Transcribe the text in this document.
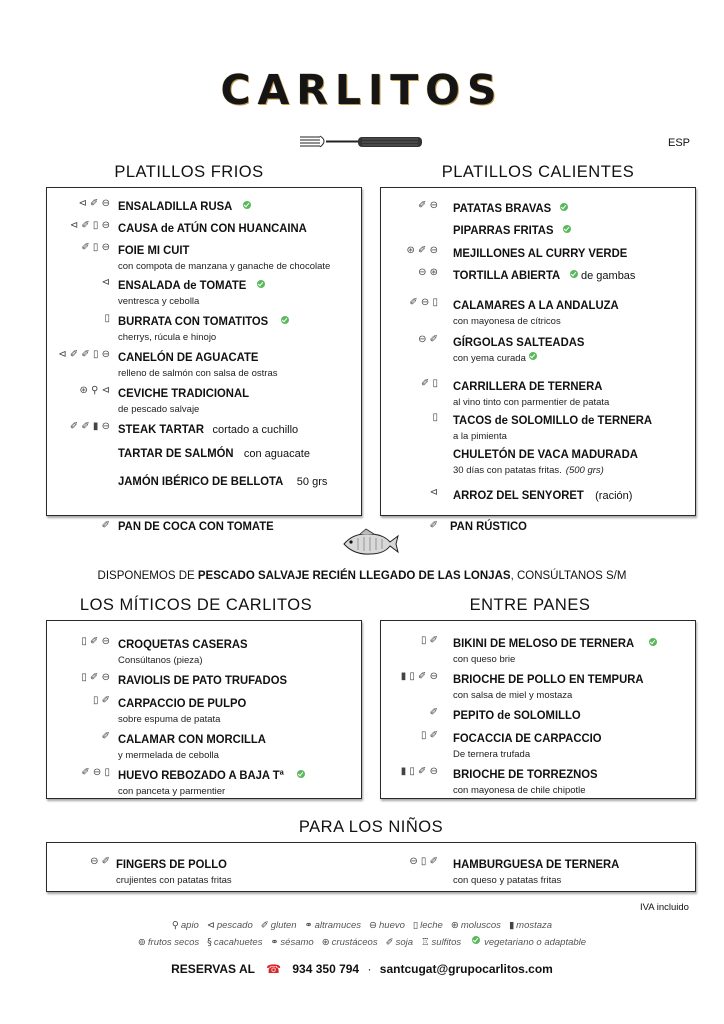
CARLITOS
ESP
PLATILLOS FRIOS	PLATILLOS CALIENTES
⊲ ✐ ⊖ ENSALADILLA RUSA
⊲ ✐ ▯ ⊖ CAUSA de ATÚN CON HUANCAINA
✐ ▯ ⊖ FOIE MI CUIT
con compota de manzana y ganache de chocolate
⊲ ENSALADA de TOMATE
ventresca y cebolla
▯ BURRATA CON TOMATITOS
cherrys, rúcula e hinojo
⊲ ✐ ✐ ▯ ⊖ CANELÓN DE AGUACATE
relleno de salmón con salsa de ostras
⊛ ⚲ ⊲ CEVICHE TRADICIONAL
de pescado salvaje
✐ ✐ ▮ ⊖ STEAK TARTAR cortado a cuchillo
TARTAR DE SALMÓN con aguacate
JAMÓN IBÉRICO DE BELLOTA 50 grs
✐ ⊖ PATATAS BRAVAS
PIPARRAS FRITAS
⊛ ✐ ⊖ MEJILLONES AL CURRY VERDE
⊖ ⊛ TORTILLA ABIERTA de gambas
✐ ⊖ ▯ CALAMARES A LA ANDALUZA
con mayonesa de cítricos
⊖ ✐ GÍRGOLAS SALTEADAS
con yema curada
✐ ▯ CARRILLERA DE TERNERA
al vino tinto con parmentier de patata
▯ TACOS de SOLOMILLO de TERNERA
a la pimienta
CHULETÓN DE VACA MADURADA
30 días con patatas fritas. (500 grs)
⊲ ARROZ DEL SENYORET (ración)
✐ PAN DE COCA CON TOMATE	✐ PAN RÚSTICO
DISPONEMOS DE PESCADO SALVAJE RECIÉN LLEGADO DE LAS LONJAS, CONSÚLTANOS S/M
LOS MÍTICOS DE CARLITOS	ENTRE PANES
▯ ✐ ⊖ CROQUETAS CASERAS
Consúltanos (pieza)
▯ ✐ ⊖ RAVIOLIS DE PATO TRUFADOS
▯ ✐ CARPACCIO DE PULPO
sobre espuma de patata
✐ CALAMAR CON MORCILLA
y mermelada de cebolla
✐ ⊖ ▯ HUEVO REBOZADO A BAJA Tª
con panceta y parmentier
▯ ✐ BIKINI DE MELOSO DE TERNERA
con queso brie
▮ ▯ ✐ ⊖ BRIOCHE DE POLLO EN TEMPURA
con salsa de miel y mostaza
✐ PEPITO de SOLOMILLO
▯ ✐ FOCACCIA DE CARPACCIO
De ternera trufada
▮ ▯ ✐ ⊖ BRIOCHE DE TORREZNOS
con mayonesa de chile chipotle
PARA LOS NIÑOS
⊖ ✐ FINGERS DE POLLO
crujientes con patatas fritas
⊖ ▯ ✐ HAMBURGUESA DE TERNERA
con queso y patatas fritas
IVA incluido
⚲ apio ⊲ pescado ✐ gluten ⚭ altramuces ⊖ huevo ▯ leche ⊛ moluscos ▮ mostaza
⊚ frutos secos § cacahuetes ⚭ sésamo ⊛ crustáceos ✐ soja ♖ sulfitos vegetariano o adaptable
RESERVAS AL ☎ 934 350 794 · santcugat@grupocarlitos.com
